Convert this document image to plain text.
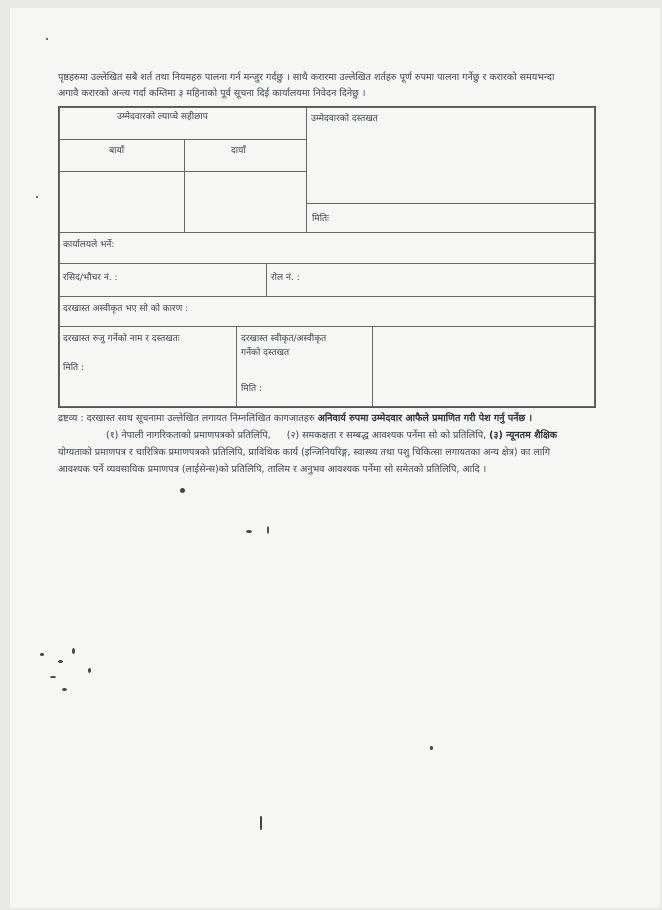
पृष्ठहरुमा उल्लेखित सबै शर्त तथा नियमहरु पालना गर्न मन्जुर गर्दछु । साथै करारमा उल्लेखित शर्तहरु पूर्ण रुपमा पालना गर्नेछु र करारको समयभन्दा
अगावै करारको अन्त्य गर्दा कम्तिमा ३ महिनाको पूर्व सूचना दिई कार्यालयमा निवेदन दिनेछु ।
उम्मेदवारको ल्याप्चे सहीछाप
बायाँ	दायाँ
उम्मेदवारको दस्तखत
मितिः
कार्यालयले भर्ने:
रसिद/भौचर नं. :	रोल नं. :
दरखास्त अस्वीकृत भए सो को कारण :
दरखास्त रुजु गर्नेको नाम र दस्तखतः
मिति :
दरखास्त स्वीकृत/अस्वीकृत
गर्नेको दस्तखत
मिति :
द्रष्टव्य : दरखास्त साथ सूचनामा उल्लेखित लगायत निम्नलिखित कागजातहरु अनिवार्य रुपमा उम्मेदवार आफैले प्रमाणित गरी पेश गर्नु पर्नेछ ।
(१) नेपाली नागरिकताको प्रमाणपत्रको प्रतिलिपि, (२) समकक्षता र सम्बद्ध आवश्यक पर्नेमा सो को प्रतिलिपि, (३) न्यूनतम शैक्षिक
योग्यताको प्रमाणपत्र र चारित्रिक प्रमाणपत्रको प्रतिलिपि, प्राविधिक कार्य (इन्जिनियरिङ्ग, स्वास्थ्य तथा पशु चिकित्सा लगायतका अन्य क्षेत्र) का लागि
आवश्यक पर्ने व्यवसायिक प्रमाणपत्र (लाईसेन्स)को प्रतिलिपि, तालिम र अनुभव आवश्यक पर्नेमा सो समेतको प्रतिलिपि, आदि ।
